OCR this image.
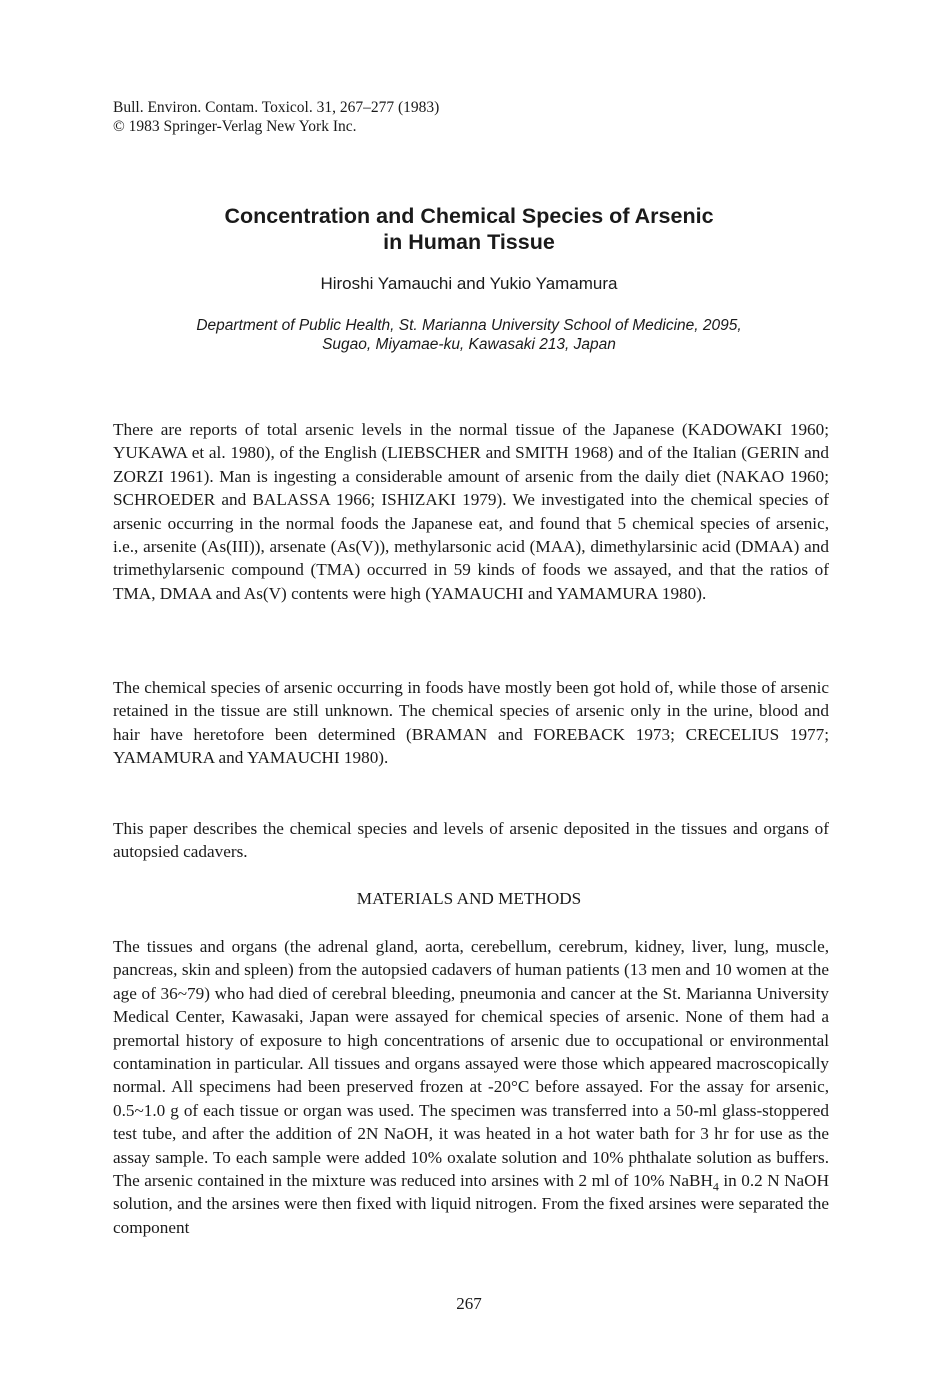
Bull. Environ. Contam. Toxicol. 31, 267–277 (1983)
© 1983 Springer-Verlag New York Inc.
Concentration and Chemical Species of Arsenic
in Human Tissue
Hiroshi Yamauchi and Yukio Yamamura
Department of Public Health, St. Marianna University School of Medicine, 2095,
Sugao, Miyamae-ku, Kawasaki 213, Japan

There are reports of total arsenic levels in the normal tissue of the Japanese (KADOWAKI 1960; YUKAWA et al. 1980), of the English (LIEBSCHER and SMITH 1968) and of the Italian (GERIN and ZORZI 1961). Man is ingesting a considerable amount of arsenic from the daily diet (NAKAO 1960; SCHROEDER and BALASSA 1966; ISHIZAKI 1979). We investigated into the chemical species of arsenic occurring in the normal foods the Japanese eat, and found that 5 chemical species of arsenic, i.e., arsenite (As(III)), arsenate (As(V)), methylarsonic acid (MAA), dimethylarsinic acid (DMAA) and trimethylarsenic compound (TMA) occurred in 59 kinds of foods we assayed, and that the ratios of TMA, DMAA and As(V) contents were high (YAMAUCHI and YAMAMURA 1980).

The chemical species of arsenic occurring in foods have mostly been got hold of, while those of arsenic retained in the tissue are still unknown. The chemical species of arsenic only in the urine, blood and hair have heretofore been determined (BRAMAN and FOREBACK 1973; CRECELIUS 1977; YAMAMURA and YAMAUCHI 1980).

This paper describes the chemical species and levels of arsenic deposited in the tissues and organs of autopsied cadavers.

MATERIALS AND METHODS

The tissues and organs (the adrenal gland, aorta, cerebellum, cerebrum, kidney, liver, lung, muscle, pancreas, skin and spleen) from the autopsied cadavers of human patients (13 men and 10 women at the age of 36~79) who had died of cerebral bleeding, pneumonia and cancer at the St. Marianna University Medical Center, Kawasaki, Japan were assayed for chemical species of arsenic. None of them had a premortal history of exposure to high concentrations of arsenic due to occupational or environmental contamination in particular. All tissues and organs assayed were those which appeared macroscopically normal. All specimens had been preserved frozen at -20°C before assayed. For the assay for arsenic, 0.5~1.0 g of each tissue or organ was used. The specimen was transferred into a 50-ml glass-stoppered test tube, and after the addition of 2N NaOH, it was heated in a hot water bath for 3 hr for use as the assay sample. To each sample were added 10% oxalate solution and 10% phthalate solution as buffers. The arsenic contained in the mixture was reduced into arsines with 2 ml of 10% NaBH$_4$ in 0.2 N NaOH solution, and the arsines were then fixed with liquid nitrogen. From the fixed arsines were separated the component

267
